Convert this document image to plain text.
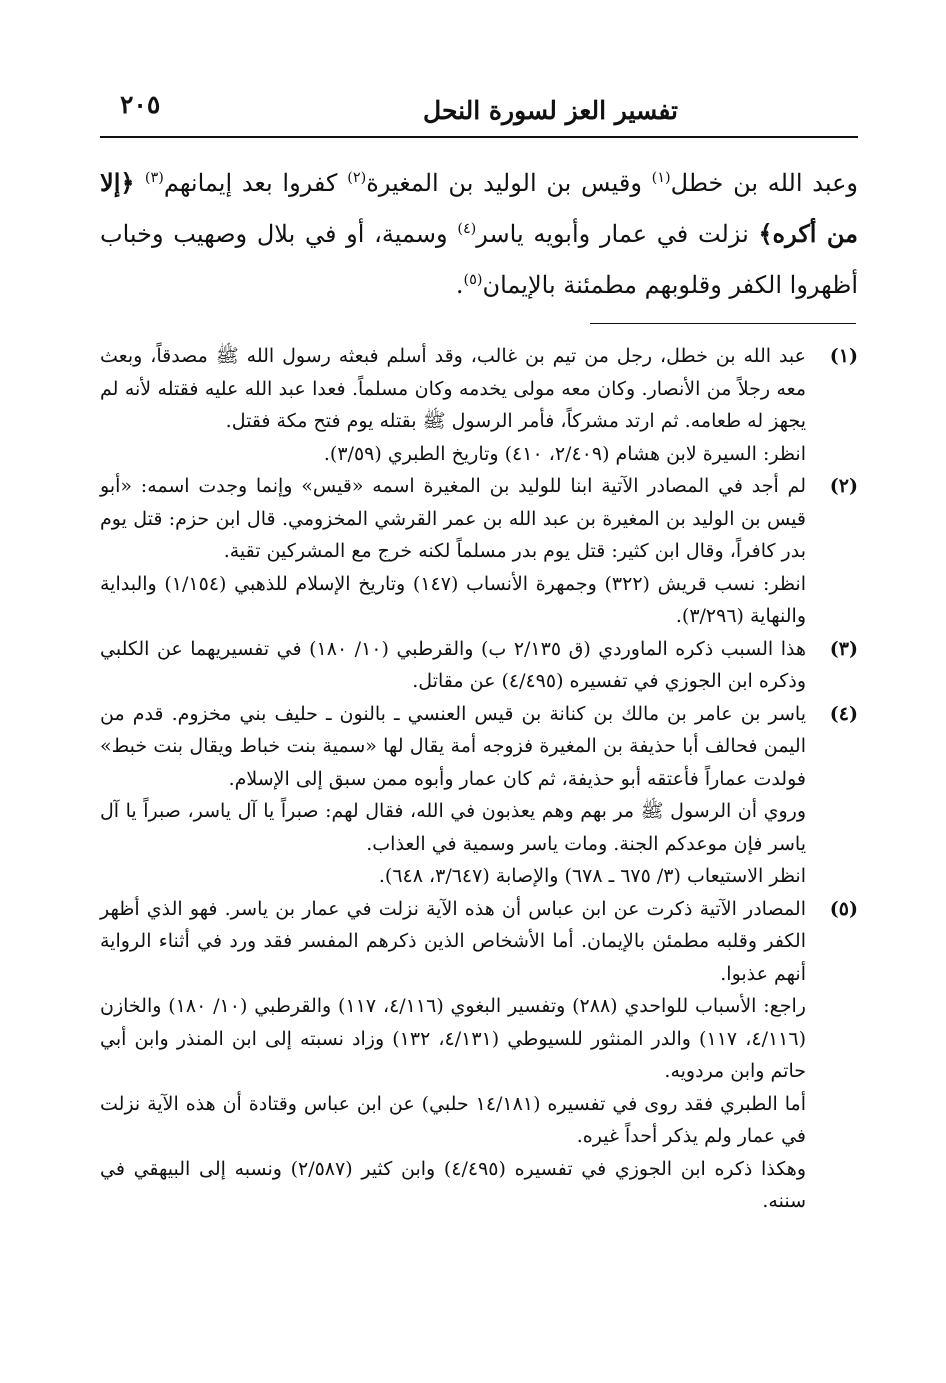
تفسير العز لسورة النحل
٢٠٥
وعبد الله بن خطل$^{(١)}$ وقيس بن الوليد بن المغيرة$^{(٢)}$ كفروا بعد إيمانهم$^{(٣)}$ ﴿إلا من أكره﴾ نزلت في عمار وأبويه ياسر$^{(٤)}$ وسمية، أو في بلال وصهيب وخباب أظهروا الكفر وقلوبهم مطمئنة بالإيمان$^{(٥)}$.
(١)

عبد الله بن خطل، رجل من تيم بن غالب، وقد أسلم فبعثه رسول الله ﷺ مصدقاً، وبعث معه رجلاً من الأنصار. وكان معه مولى يخدمه وكان مسلماً. فعدا عبد الله عليه فقتله لأنه لم يجهز له طعامه. ثم ارتد مشركاً، فأمر الرسول ﷺ بقتله يوم فتح مكة فقتل.

انظر: السيرة لابن هشام (٢/٤٠٩، ٤١٠) وتاريخ الطبري (٣/٥٩).

(٢)

لم أجد في المصادر الآتية ابنا للوليد بن المغيرة اسمه «قيس» وإنما وجدت اسمه: «أبو قيس بن الوليد بن المغيرة بن عبد الله بن عمر القرشي المخزومي. قال ابن حزم: قتل يوم بدر كافراً، وقال ابن كثير: قتل يوم بدر مسلماً لكنه خرج مع المشركين تقية.

انظر: نسب قريش (٣٢٢) وجمهرة الأنساب (١٤٧) وتاريخ الإسلام للذهبي (١/١٥٤) والبداية والنهاية (٣/٢٩٦).

(٣)

هذا السبب ذكره الماوردي (ق ٢/١٣٥ ب) والقرطبي (١٠/ ١٨٠) في تفسيريهما عن الكلبي وذكره ابن الجوزي في تفسيره (٤/٤٩٥) عن مقاتل.

(٤)

ياسر بن عامر بن مالك بن كنانة بن قيس العنسي ـ بالنون ـ حليف بني مخزوم. قدم من اليمن فحالف أبا حذيفة بن المغيرة فزوجه أمة يقال لها «سمية بنت خباط ويقال بنت خبط» فولدت عماراً فأعتقه أبو حذيفة، ثم كان عمار وأبوه ممن سبق إلى الإسلام.

وروي أن الرسول ﷺ مر بهم وهم يعذبون في الله، فقال لهم: صبراً يا آل ياسر، صبراً يا آل ياسر فإن موعدكم الجنة. ومات ياسر وسمية في العذاب.

انظر الاستيعاب (٣/ ٦٧٥ ـ ٦٧٨) والإصابة (٣/٦٤٧، ٦٤٨).

(٥)

المصادر الآتية ذكرت عن ابن عباس أن هذه الآية نزلت في عمار بن ياسر. فهو الذي أظهر الكفر وقلبه مطمئن بالإيمان. أما الأشخاص الذين ذكرهم المفسر فقد ورد في أثناء الرواية أنهم عذبوا.

راجع: الأسباب للواحدي (٢٨٨) وتفسير البغوي (٤/١١٦، ١١٧) والقرطبي (١٠/ ١٨٠) والخازن (٤/١١٦، ١١٧) والدر المنثور للسيوطي (٤/١٣١، ١٣٢) وزاد نسبته إلى ابن المنذر وابن أبي حاتم وابن مردويه.

أما الطبري فقد روى في تفسيره (١٤/١٨١ حلبي) عن ابن عباس وقتادة أن هذه الآية نزلت في عمار ولم يذكر أحداً غيره.

وهكذا ذكره ابن الجوزي في تفسيره (٤/٤٩٥) وابن كثير (٢/٥٨٧) ونسبه إلى البيهقي في سننه.
